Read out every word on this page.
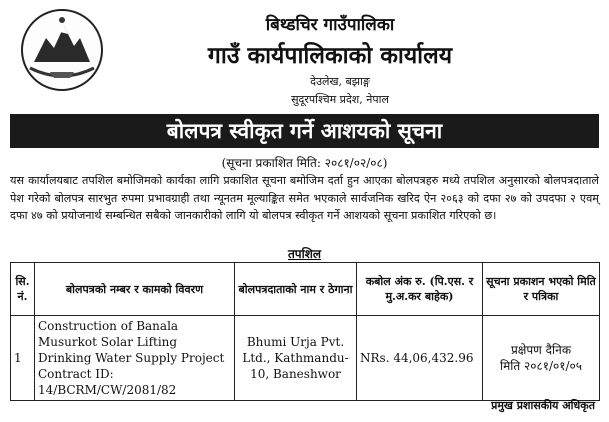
बिथ्डचिर गाउँपालिका
गाउँ कार्यपालिकाको कार्यालय
देउलेख, बझाङ्ग
सुदूरपश्चिम प्रदेश, नेपाल
बोलपत्र स्वीकृत गर्ने आशयको सूचना
(सूचना प्रकाशित मिति: २०८१/०२/०८)
यस कार्यालयबाट तपशिल बमोजिमको कार्यका लागि प्रकाशित सूचना बमोजिम दर्ता हुन आएका बोलपत्रहरु मध्ये तपशिल अनुसारको बोलपत्रदाताले पेश गरेको बोलपत्र सारभुत रुपमा प्रभावग्राही तथा न्यूनतम मूल्याङ्कित समेत भएकाले सार्वजनिक खरिद ऐन २०६३ को दफा २७ को उपदफा २ एवम् दफा ४७ को प्रयोजनार्थ सम्बन्धित सबैको जानकारीको लागि यो बोलपत्र स्वीकृत गर्ने आशयको सूचना प्रकाशित गरिएको छ।
तपशिल
सि. नं.	बोलपत्रको नम्बर र कामको विवरण	बोलपत्रदाताको नाम र ठेगाना	कबोल अंक रु. (पि.एस. र मु.अ.कर बाहेक)	सूचना प्रकाशन भएको मिति र पत्रिका
1	Construction of Banala Musurkot Solar Lifting Drinking Water Supply Project Contract ID: 14/BCRM/CW/2081/82	Bhumi Urja Pvt. Ltd., Kathmandu-10, Baneshwor	NRs. 44,06,432.96	प्रक्षेपण दैनिक
मिति २०८१/०१/०५
प्रमुख प्रशासकीय अधिकृत
